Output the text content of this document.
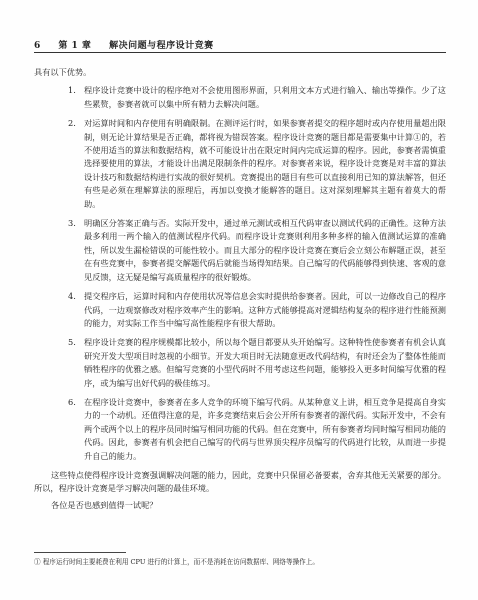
6 第 1 章 解决问题与程序设计竞赛

具有以下优势。

1. 程序设计竞赛中设计的程序绝对不会使用图形界面，只利用文本方式进行输入、输出等操作。少了这些累赘，参赛者就可以集中所有精力去解决问题。
2. 对运算时间和内存使用有明确限制。在测评运行时，如果参赛者提交的程序超时或内存使用量超出限制，则无论计算结果是否正确，都将视为错误答案。程序设计竞赛的题目都是需要集中计算①的，若不使用适当的算法和数据结构，就不可能设计出在限定时间内完成运算的程序。因此，参赛者需慎重选择要使用的算法，才能设计出满足限制条件的程序。对参赛者来说，程序设计竞赛是对丰富的算法设计技巧和数据结构进行实战的很好契机。竞赛提出的题目有些可以直接利用已知的算法解答，但还有些是必须在理解算法的原理后，再加以变换才能解答的题目。这对深刻理解其主题有着莫大的帮助。
3. 明确区分答案正确与否。实际开发中，通过单元测试或相互代码审查以测试代码的正确性。这种方法最多利用一两个输入的值测试程序代码。而程序设计竞赛则利用多种多样的输入值测试运算的准确性，所以发生漏检错误的可能性较小。而且大部分的程序设计竞赛在赛后会立刻公布解题正误，甚至在有些竞赛中，参赛者提交解题代码后就能当场得知结果。自己编写的代码能够得到快速、客观的意见反馈，这无疑是编写高质量程序的很好锻炼。
4. 提交程序后，运算时间和内存使用状况等信息会实时提供给参赛者。因此，可以一边修改自己的程序代码，一边观察修改对程序效率产生的影响。这种方式能够提高对逻辑结构复杂的程序进行性能预测的能力，对实际工作当中编写高性能程序有很大帮助。
5. 程序设计竞赛的程序规模都比较小，所以每个题目都要从头开始编写。这种特性使参赛者有机会认真研究开发大型项目时忽视的小细节。开发大项目时无法随意更改代码结构，有时还会为了整体性能而牺牲程序的优雅之感。但编写竞赛的小型代码时不用考虑这些问题，能够投入更多时间编写优雅的程序，或为编写出好代码的极佳练习。
6. 在程序设计竞赛中，参赛者在多人竞争的环境下编写代码。从某种意义上讲，相互竞争是提高自身实力的一个动机。还值得注意的是，许多竞赛结束后会公开所有参赛者的源代码。实际开发中，不会有两个或两个以上的程序员同时编写相同功能的代码。但在竞赛中，所有参赛者均同时编写相同功能的代码。因此，参赛者有机会把自己编写的代码与世界顶尖程序员编写的代码进行比较，从而进一步提升自己的能力。

这些特点使得程序设计竞赛强调解决问题的能力，因此，竞赛中只保留必备要素，舍弃其他无关紧要的部分。所以，程序设计竞赛是学习解决问题的最佳环境。

各位是否也感到值得一试呢？

① 程序运行时间主要耗费在利用 CPU 进行的计算上，而不是消耗在访问数据库、网络等操作上。
